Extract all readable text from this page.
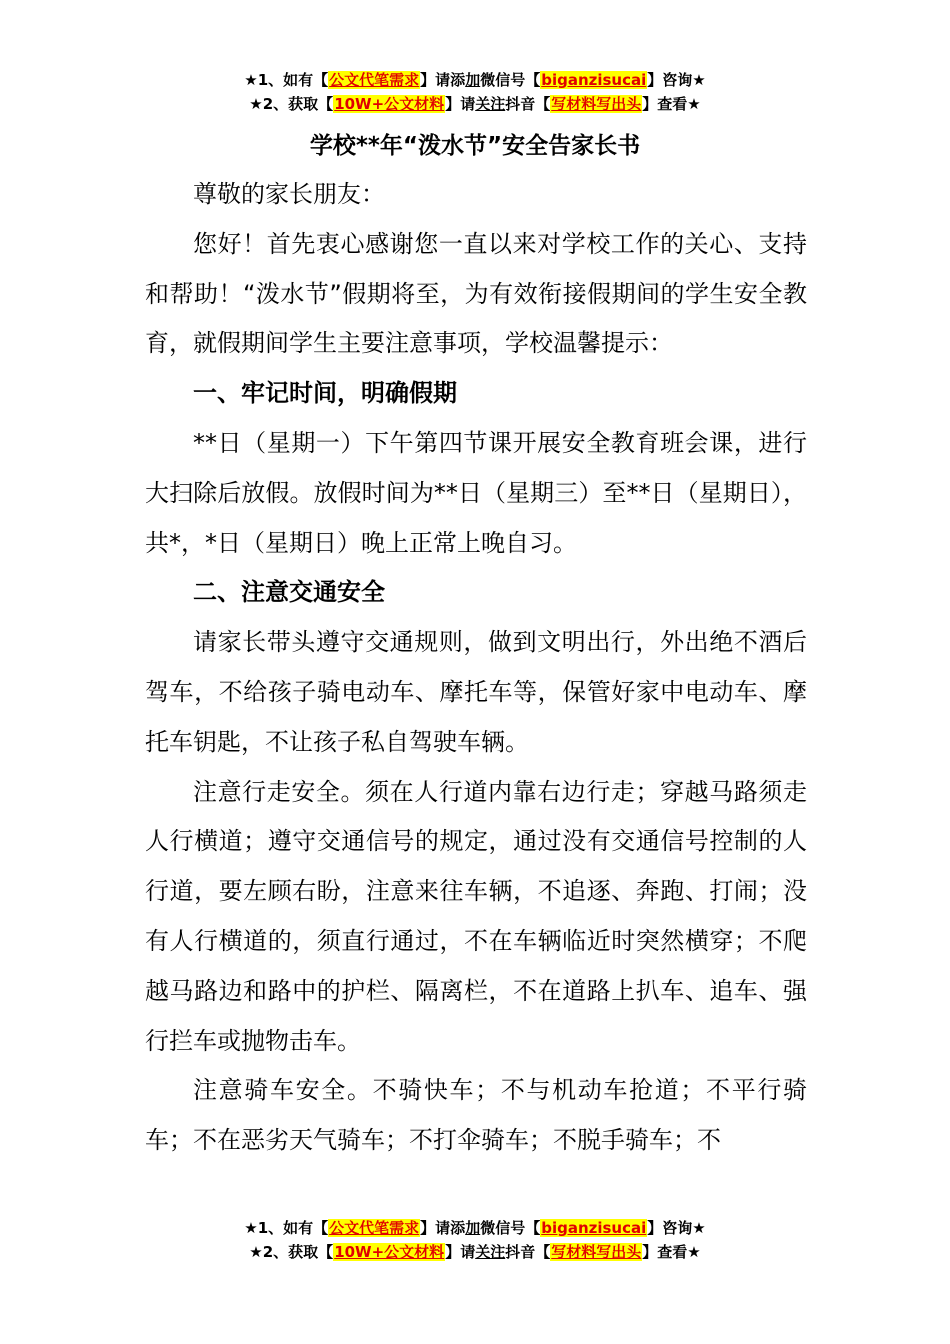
★1、如有【公文代笔需求】请添加微信号【biganzisucai】咨询★
★2、获取【10W+公文材料】请关注抖音【写材料写出头】查看★
学校**年“泼水节”安全告家长书

尊敬的家长朋友：

您好！首先衷心感谢您一直以来对学校工作的关心、支持和帮助！“泼水节”假期将至，为有效衔接假期间的学生安全教育，就假期间学生主要注意事项，学校温馨提示：

一、牢记时间，明确假期

**日（星期一）下午第四节课开展安全教育班会课，进行大扫除后放假。放假时间为**日（星期三）至**日（星期日），共*，*日（星期日）晚上正常上晚自习。

二、注意交通安全

请家长带头遵守交通规则，做到文明出行，外出绝不酒后驾车，不给孩子骑电动车、摩托车等，保管好家中电动车、摩托车钥匙，不让孩子私自驾驶车辆。

注意行走安全。须在人行道内靠右边行走；穿越马路须走人行横道；遵守交通信号的规定，通过没有交通信号控制的人行道，要左顾右盼，注意来往车辆，不追逐、奔跑、打闹；没有人行横道的，须直行通过，不在车辆临近时突然横穿；不爬越马路边和路中的护栏、隔离栏，不在道路上扒车、追车、强行拦车或抛物击车。

注意骑车安全。不骑快车；不与机动车抢道；不平行骑车；不在恶劣天气骑车；不打伞骑车；不脱手骑车；不

★1、如有【公文代笔需求】请添加微信号【biganzisucai】咨询★
★2、获取【10W+公文材料】请关注抖音【写材料写出头】查看★
